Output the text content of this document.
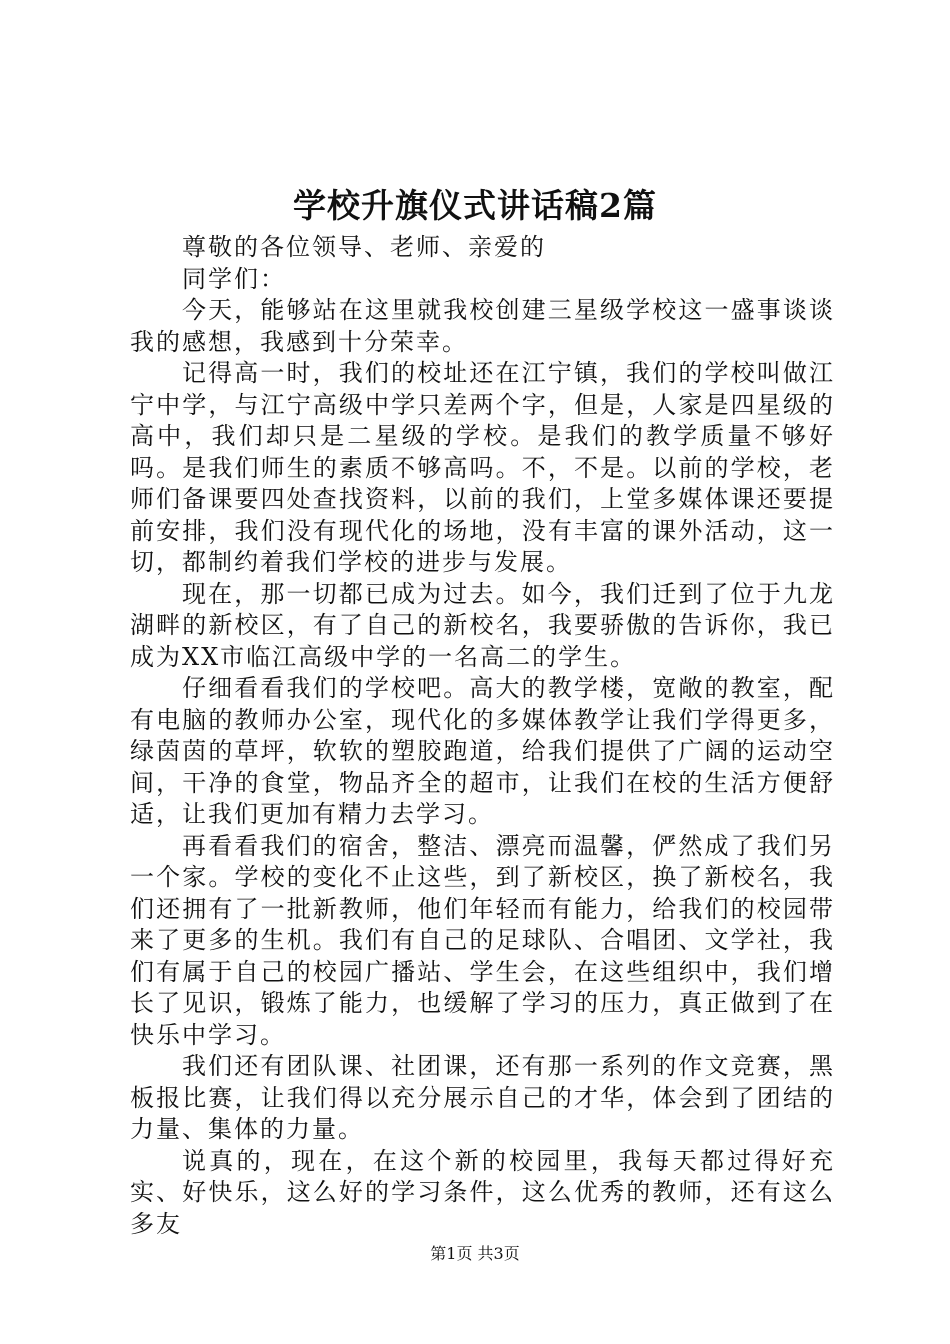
学校升旗仪式讲话稿2篇

尊敬的各位领导、老师、亲爱的

同学们：

今天，能够站在这里就我校创建三星级学校这一盛事谈谈我的感想，我感到十分荣幸。

记得高一时，我们的校址还在江宁镇，我们的学校叫做江宁中学，与江宁高级中学只差两个字，但是，人家是四星级的高中，我们却只是二星级的学校。是我们的教学质量不够好吗。是我们师生的素质不够高吗。不，不是。以前的学校，老师们备课要四处查找资料，以前的我们，上堂多媒体课还要提前安排，我们没有现代化的场地，没有丰富的课外活动，这一切，都制约着我们学校的进步与发展。

现在，那一切都已成为过去。如今，我们迁到了位于九龙湖畔的新校区，有了自己的新校名，我要骄傲的告诉你，我已成为XX市临江高级中学的一名高二的学生。

仔细看看我们的学校吧。高大的教学楼，宽敞的教室，配有电脑的教师办公室，现代化的多媒体教学让我们学得更多，绿茵茵的草坪，软软的塑胶跑道，给我们提供了广阔的运动空间，干净的食堂，物品齐全的超市，让我们在校的生活方便舒适，让我们更加有精力去学习。

再看看我们的宿舍，整洁、漂亮而温馨，俨然成了我们另一个家。学校的变化不止这些，到了新校区，换了新校名，我们还拥有了一批新教师，他们年轻而有能力，给我们的校园带来了更多的生机。我们有自己的足球队、合唱团、文学社，我们有属于自己的校园广播站、学生会，在这些组织中，我们增长了见识，锻炼了能力，也缓解了学习的压力，真正做到了在快乐中学习。

我们还有团队课、社团课，还有那一系列的作文竞赛，黑板报比赛，让我们得以充分展示自己的才华，体会到了团结的力量、集体的力量。

说真的，现在，在这个新的校园里，我每天都过得好充实、好快乐，这么好的学习条件，这么优秀的教师，还有这么多友

第1页 共3页
